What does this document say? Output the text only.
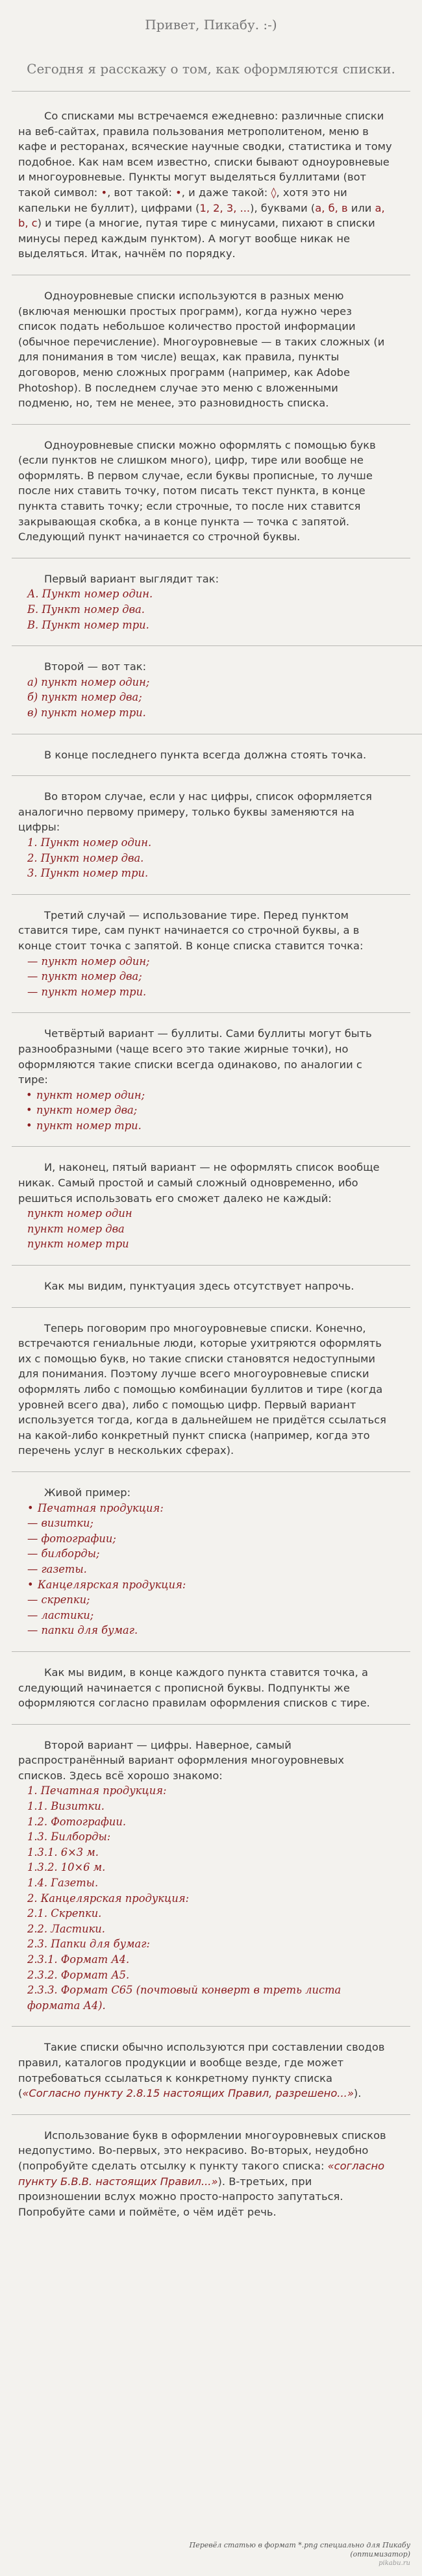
Привет, Пикабу. :-)
Сегодня я расскажу о том, как оформляются списки.

Со списками мы встречаемся ежедневно: различные списки на веб-сайтах, правила пользования метрополитеном, меню в кафе и ресторанах, всяческие научные сводки, статистика и тому подобное. Как нам всем известно, списки бывают одноуровневые и многоуровневые. Пункты могут выделяться буллитами (вот такой символ: •, вот такой: •, и даже такой: ◊, хотя это ни капельки не буллит), цифрами (1, 2, 3, ...), буквами (а, б, в или a, b, c) и тире (а многие, путая тире с минусами, пихают в списки минусы перед каждым пунктом). А могут вообще никак не выделяться. Итак, начнём по порядку.

Одноуровневые списки используются в разных меню (включая менюшки простых программ), когда нужно через список подать небольшое количество простой информации (обычное перечисление). Многоуровневые — в таких сложных (и для понимания в том числе) вещах, как правила, пункты договоров, меню сложных программ (например, как Adobe Photoshop). В последнем случае это меню с вложенными подменю, но, тем не менее, это разновидность списка.

Одноуровневые списки можно оформлять с помощью букв (если пунктов не слишком много), цифр, тире или вообще не оформлять. В первом случае, если буквы прописные, то лучше после них ставить точку, потом писать текст пункта, в конце пункта ставить точку; если строчные, то после них ставится закрывающая скобка, а в конце пункта — точка с запятой. Следующий пункт начинается со строчной буквы.

Первый вариант выглядит так:

А. Пункт номер один.
Б. Пункт номер два.
В. Пункт номер три.

Второй — вот так:

а) пункт номер один;
б) пункт номер два;
в) пункт номер три.

В конце последнего пункта всегда должна стоять точка.

Во втором случае, если у нас цифры, список оформляется аналогично первому примеру, только буквы заменяются на цифры:

1. Пункт номер один.
2. Пункт номер два.
3. Пункт номер три.

Третий случай — использование тире. Перед пунктом ставится тире, сам пункт начинается со строчной буквы, а в конце стоит точка с запятой. В конце списка ставится точка:

— пункт номер один;
— пункт номер два;
— пункт номер три.

Четвёртый вариант — буллиты. Сами буллиты могут быть разнообразными (чаще всего это такие жирные точки), но оформляются такие списки всегда одинаково, по аналогии с тире:

• пункт номер один;
• пункт номер два;
• пункт номер три.

И, наконец, пятый вариант — не оформлять список вообще никак. Самый простой и самый сложный одновременно, ибо решиться использовать его сможет далеко не каждый:

пункт номер один
пункт номер два
пункт номер три

Как мы видим, пунктуация здесь отсутствует напрочь.

Теперь поговорим про многоуровневые списки. Конечно, встречаются гениальные люди, которые ухитряются оформлять их с помощью букв, но такие списки становятся недоступными для понимания. Поэтому лучше всего многоуровневые списки оформлять либо с помощью комбинации буллитов и тире (когда уровней всего два), либо с помощью цифр. Первый вариант используется тогда, когда в дальнейшем не придётся ссылаться на какой-либо конкретный пункт списка (например, когда это перечень услуг в нескольких сферах).

Живой пример:

• Печатная продукция:
— визитки;
— фотографии;
— билборды;
— газеты.
• Канцелярская продукция:
— скрепки;
— ластики;
— папки для бумаг.

Как мы видим, в конце каждого пункта ставится точка, а следующий начинается с прописной буквы. Подпункты же оформляются согласно правилам оформления списков с тире.

Второй вариант — цифры. Наверное, самый распространённый вариант оформления многоуровневых списков. Здесь всё хорошо знакомо:

1. Печатная продукция:
1.1. Визитки.
1.2. Фотографии.
1.3. Билборды:
1.3.1. 6×3 м.
1.3.2. 10×6 м.
1.4. Газеты.
2. Канцелярская продукция:
2.1. Скрепки.
2.2. Ластики.
2.3. Папки для бумаг:
2.3.1. Формат А4.
2.3.2. Формат А5.
2.3.3. Формат С65 (почтовый конверт в треть листа формата А4).

Такие списки обычно используются при составлении сводов правил, каталогов продукции и вообще везде, где может потребоваться ссылаться к конкретному пункту списка («Согласно пункту 2.8.15 настоящих Правил, разрешено...»).

Использование букв в оформлении многоуровневых списков недопустимо. Во-первых, это некрасиво. Во-вторых, неудобно (попробуйте сделать отсылку к пункту такого списка: «согласно пункту Б.В.В. настоящих Правил...»). В-третьих, при произношении вслух можно просто-напросто запутаться. Попробуйте сами и поймёте, о чём идёт речь.

Перевёл статью в формат *.png специально для Пикабу
(оптимизатор)
pikabu.ru
